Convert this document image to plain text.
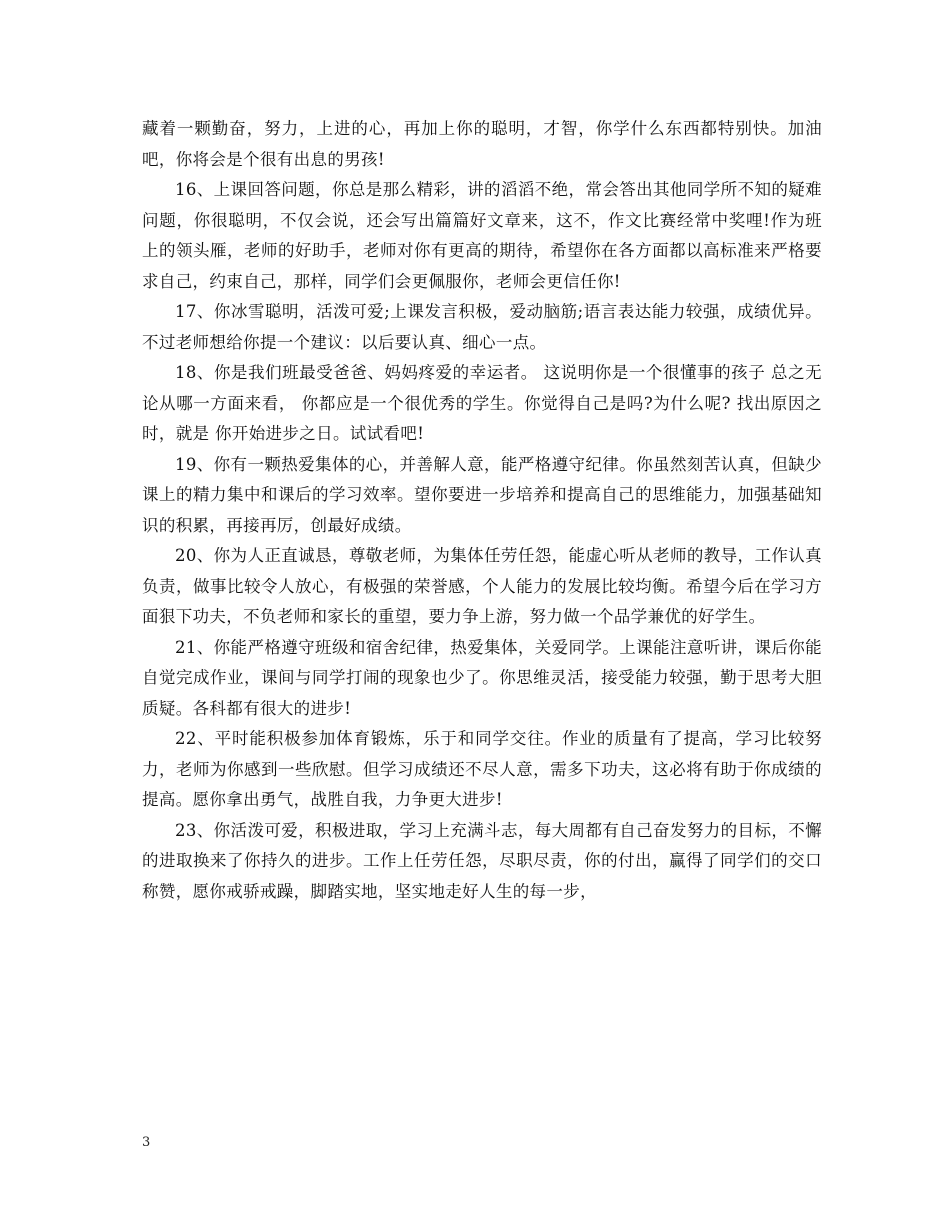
藏着一颗勤奋，努力，上进的心，再加上你的聪明，才智，你学什么东西都特别快。加油吧，你将会是个很有出息的男孩!

16、上课回答问题，你总是那么精彩，讲的滔滔不绝，常会答出其他同学所不知的疑难问题，你很聪明，不仅会说，还会写出篇篇好文章来，这不，作文比赛经常中奖哩!作为班上的领头雁，老师的好助手，老师对你有更高的期待，希望你在各方面都以高标准来严格要求自己，约束自己，那样，同学们会更佩服你，老师会更信任你!

17、你冰雪聪明，活泼可爱;上课发言积极，爱动脑筋;语言表达能力较强，成绩优异。不过老师想给你提一个建议：以后要认真、细心一点。

18、你是我们班最受爸爸、妈妈疼爱的幸运者。 这说明你是一个很懂事的孩子 总之无论从哪一方面来看， 你都应是一个很优秀的学生。你觉得自己是吗?为什么呢? 找出原因之时，就是 你开始进步之日。试试看吧!

19、你有一颗热爱集体的心，并善解人意，能严格遵守纪律。你虽然刻苦认真，但缺少课上的精力集中和课后的学习效率。望你要进一步培养和提高自己的思维能力，加强基础知识的积累，再接再厉，创最好成绩。

20、你为人正直诚恳，尊敬老师，为集体任劳任怨，能虚心听从老师的教导，工作认真负责，做事比较令人放心，有极强的荣誉感，个人能力的发展比较均衡。希望今后在学习方面狠下功夫，不负老师和家长的重望，要力争上游，努力做一个品学兼优的好学生。

21、你能严格遵守班级和宿舍纪律，热爱集体，关爱同学。上课能注意听讲，课后你能自觉完成作业，课间与同学打闹的现象也少了。你思维灵活，接受能力较强，勤于思考大胆质疑。各科都有很大的进步!

22、平时能积极参加体育锻炼，乐于和同学交往。作业的质量有了提高，学习比较努力，老师为你感到一些欣慰。但学习成绩还不尽人意，需多下功夫，这必将有助于你成绩的提高。愿你拿出勇气，战胜自我，力争更大进步!

23、你活泼可爱，积极进取，学习上充满斗志，每大周都有自己奋发努力的目标，不懈的进取换来了你持久的进步。工作上任劳任怨，尽职尽责，你的付出，赢得了同学们的交口称赞，愿你戒骄戒躁，脚踏实地，坚实地走好人生的每一步，

3
